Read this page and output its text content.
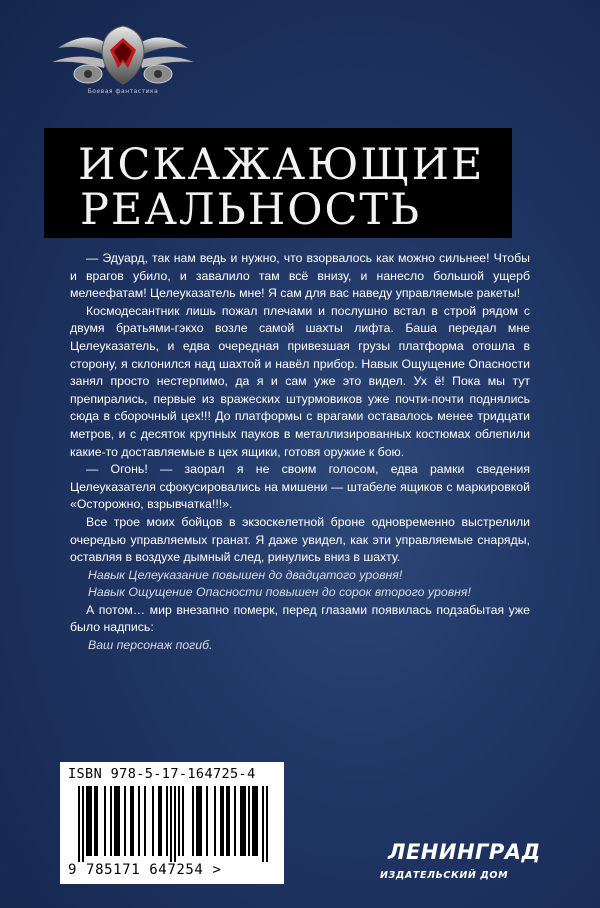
Боевая фантастика
ИСКАЖАЮЩИЕ
РЕАЛЬНОСТЬ

— Эдуард, так нам ведь и нужно, что взорвалось как можно сильнее! Чтобы и врагов убило, и завалило там всё внизу, и нанесло большой ущерб мелеефатам! Целеуказатель мне! Я сам для вас наведу управляемые ракеты!

Космодесантник лишь пожал плечами и послушно встал в строй рядом с двумя братьями-гэкхо возле самой шахты лифта. Баша передал мне Целеуказатель, и едва очередная привезшая грузы платформа отошла в сторону, я склонился над шахтой и навёл прибор. Навык Ощущение Опасности занял просто нестерпимо, да я и сам уже это видел. Ух ё! Пока мы тут препирались, первые из вражеских штурмовиков уже почти-почти поднялись сюда в сборочный цех!!! До платформы с врагами оставалось менее тридцати метров, и с десяток крупных пауков в металлизированных костюмах облепили какие-то доставляемые в цех ящики, готовя оружие к бою.

— Огонь! — заорал я не своим голосом, едва рамки сведения Целеуказателя сфокусировались на мишени — штабеле ящиков с маркировкой «Осторожно, взрывчатка!!!».

Все трое моих бойцов в экзоскелетной броне одновременно выстрелили очередью управляемых гранат. Я даже увидел, как эти управляемые снаряды, оставляя в воздухе дымный след, ринулись вниз в шахту.

Навык Целеуказание повышен до двадцатого уровня!

Навык Ощущение Опасности повышен до сорок второго уровня!

А потом… мир внезапно померк, перед глазами появилась подзабытая уже было надпись:

Ваш персонаж погиб.

ISBN 978-5-17-164725-4
9 785171 647254 >
ЛЕНИНГРАД
ИЗДАТЕЛЬСКИЙ ДОМ
